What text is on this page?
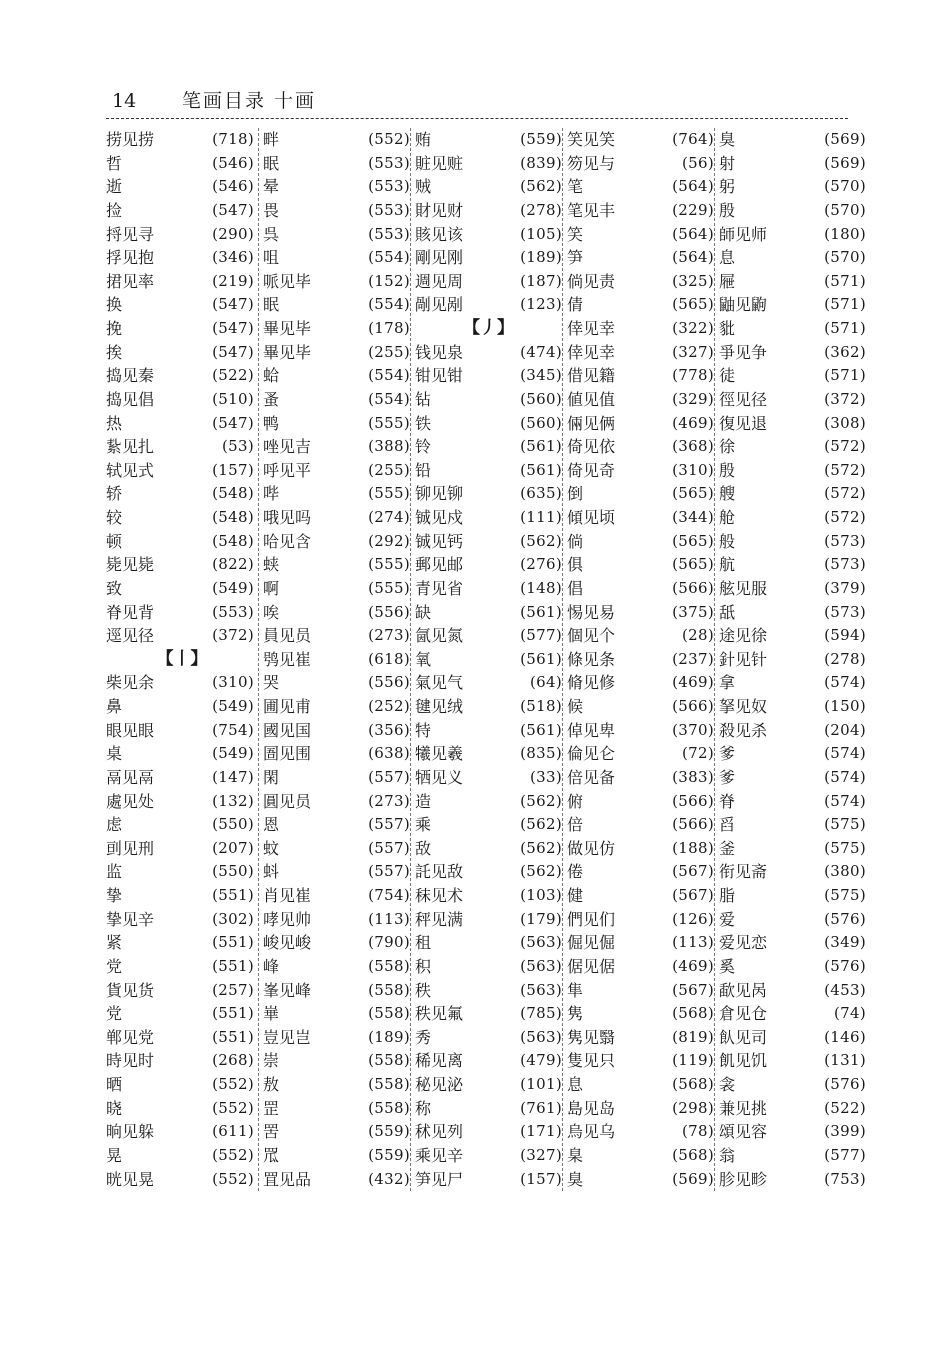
14	笔画目录 十画
捞见捞	(718)
哲	(546)
逝	(546)
捡	(547)
捋见寻	(290)
捊见抱	(346)
捃见率	(219)
换	(547)
挽	(547)
挨	(547)
捣见秦	(522)
捣见倡	(510)
热	(547)
紥见扎	(53)
轼见式	(157)
轿	(548)
较	(548)
顿	(548)
毙见毙	(822)
致	(549)
脊见背	(553)
逕见径	(372)
【丨】
柴见余	(310)
鼻	(549)
眼见眼	(754)
桌	(549)
鬲见鬲	(147)
處见处	(132)
虑	(550)
刯见刑	(207)
监	(550)
挚	(551)
挚见辛	(302)
紧	(551)
党	(551)
貨见货	(257)
党	(551)
郸见党	(551)
時见时	(268)
晒	(552)
晓	(552)
晌见躲	(611)
晃	(552)
晄见晃	(552)
畔	(552)
眠	(553)
晕	(553)
畏	(553)
呉	(553)
咀	(554)
哌见毕	(152)
眠	(554)
畢见毕	(178)
畢见毕	(255)
蛤	(554)
蚤	(554)
鸭	(555)
唑见吉	(388)
呼见平	(255)
哔	(555)
哦见吗	(274)
哈见含	(292)
蛱	(555)
啊	(555)
唉	(556)
員见员	(273)
鸮见崔	(618)
哭	(556)
圃见甫	(252)
國见国	(356)
圄见围	(638)
閑	(557)
圓见员	(273)
恩	(557)
蚊	(557)
蚪	(557)
肖见崔	(754)
哮见帅	(113)
峻见峻	(790)
峰	(558)
峯见峰	(558)
崋	(558)
豈见岂	(189)
崇	(558)
敖	(558)
罡	(558)
罟	(559)
罛	(559)
罝见品	(432)
贿	(559)
賍见赃	(839)
贼	(562)
財见财	(278)
賅见该	(105)
剛见刚	(189)
週见周	(187)
剮见剐	(123)
【丿】
钱见泉	(474)
钳见钳	(345)
钻	(560)
铁	(560)
铃	(561)
铅	(561)
铆见铆	(635)
铖见戍	(111)
铖见钙	(562)
郵见邮	(276)
青见省	(148)
缺	(561)
氤见氮	(577)
氧	(561)
氣见气	(64)
毽见绒	(518)
特	(561)
犧见羲	(835)
牺见义	(33)
造	(562)
乘	(562)
敌	(562)
託见敌	(562)
秣见术	(103)
秤见满	(179)
租	(563)
积	(563)
秩	(563)
秩见氟	(785)
秀	(563)
稀见离	(479)
秘见泌	(101)
称	(761)
秫见列	(171)
乘见辛	(327)
笋见尸	(157)
笑见笑	(764)
笏见与	(56)
笔	(564)
笔见丰	(229)
笑	(564)
笋	(564)
倘见责	(325)
倩	(565)
倖见幸	(322)
倖见幸	(327)
借见籍	(778)
値见值	(329)
倆见俩	(469)
倚见依	(368)
倚见奇	(310)
倒	(565)
傾见顷	(344)
倘	(565)
俱	(565)
倡	(566)
惕见易	(375)
個见个	(28)
條见条	(237)
脩见修	(469)
候	(566)
倬见卑	(370)
倫见仑	(72)
倍见备	(383)
俯	(566)
倍	(566)
做见仿	(188)
倦	(567)
健	(567)
們见们	(126)
倔见倔	(113)
倨见倨	(469)
隼	(567)
隽	(568)
隽见翳	(819)
隻见只	(119)
息	(568)
島见岛	(298)
烏见乌	(78)
臬	(568)
臭	(569)
臭	(569)
射	(569)
躬	(570)
殷	(570)
師见师	(180)
息	(570)
屜	(571)
鼬见鼩	(571)
豼	(571)
爭见争	(362)
徒	(571)
徑见径	(372)
復见退	(308)
徐	(572)
殷	(572)
艘	(572)
舱	(572)
般	(573)
航	(573)
舷见服	(379)
舐	(573)
途见徐	(594)
針见针	(278)
拿	(574)
拏见奴	(150)
殺见杀	(204)
爹	(574)
爹	(574)
脊	(574)
舀	(575)
釜	(575)
衔见斋	(380)
脂	(575)
爱	(576)
爱见恋	(349)
奚	(576)
歃见呙	(453)
倉见仓	(74)
飤见司	(146)
飢见饥	(131)
衾	(576)
兼见挑	(522)
頌见容	(399)
翁	(577)
胗见畛	(753)
